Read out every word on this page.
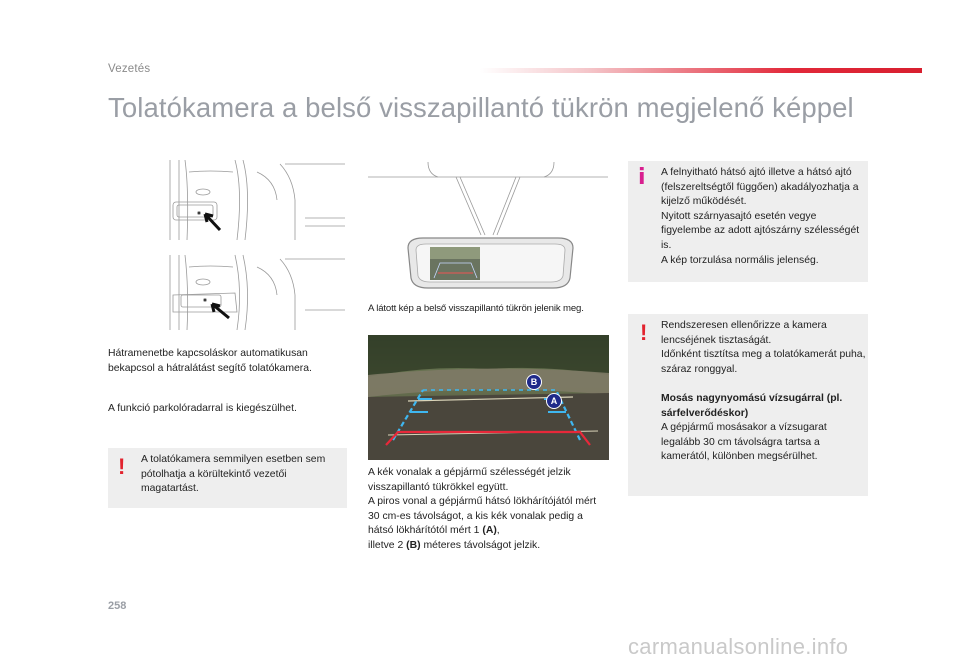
Vezetés
Tolatókamera a belső visszapillantó tükrön megjelenő képpel
Hátramenetbe kapcsoláskor automatikusan bekapcsol a hátralátást segítő tolatókamera.
A funkció parkolóradarral is kiegészülhet.
! A tolatókamera semmilyen esetben sem pótolhatja a körültekintő vezetői magatartást.
A látott kép a belső visszapillantó tükrön jelenik meg.
B
A
A kék vonalak a gépjármű szélességét jelzik visszapillantó tükrökkel együtt.
A piros vonal a gépjármű hátsó lökhárítójától mért 30 cm-es távolságot, a kis kék vonalak pedig a hátsó lökhárítótól mért 1 (A),
illetve 2 (B) méteres távolságot jelzik.
i A felnyitható hátsó ajtó illetve a hátsó ajtó (felszereltségtől függően) akadályozhatja a kijelző működését.
Nyitott szárnyasajtó esetén vegye figyelembe az adott ajtószárny szélességét is.
A kép torzulása normális jelenség.
! Rendszeresen ellenőrizze a kamera lencséjének tisztaságát.
Időnként tisztítsa meg a tolatókamerát puha, száraz ronggyal.

Mosás nagynyomású vízsugárral (pl. sárfelverődéskor)
A gépjármű mosásakor a vízsugarat legalább 30 cm távolságra tartsa a kamerától, különben megsérülhet.
258
carmanualsonline.info
